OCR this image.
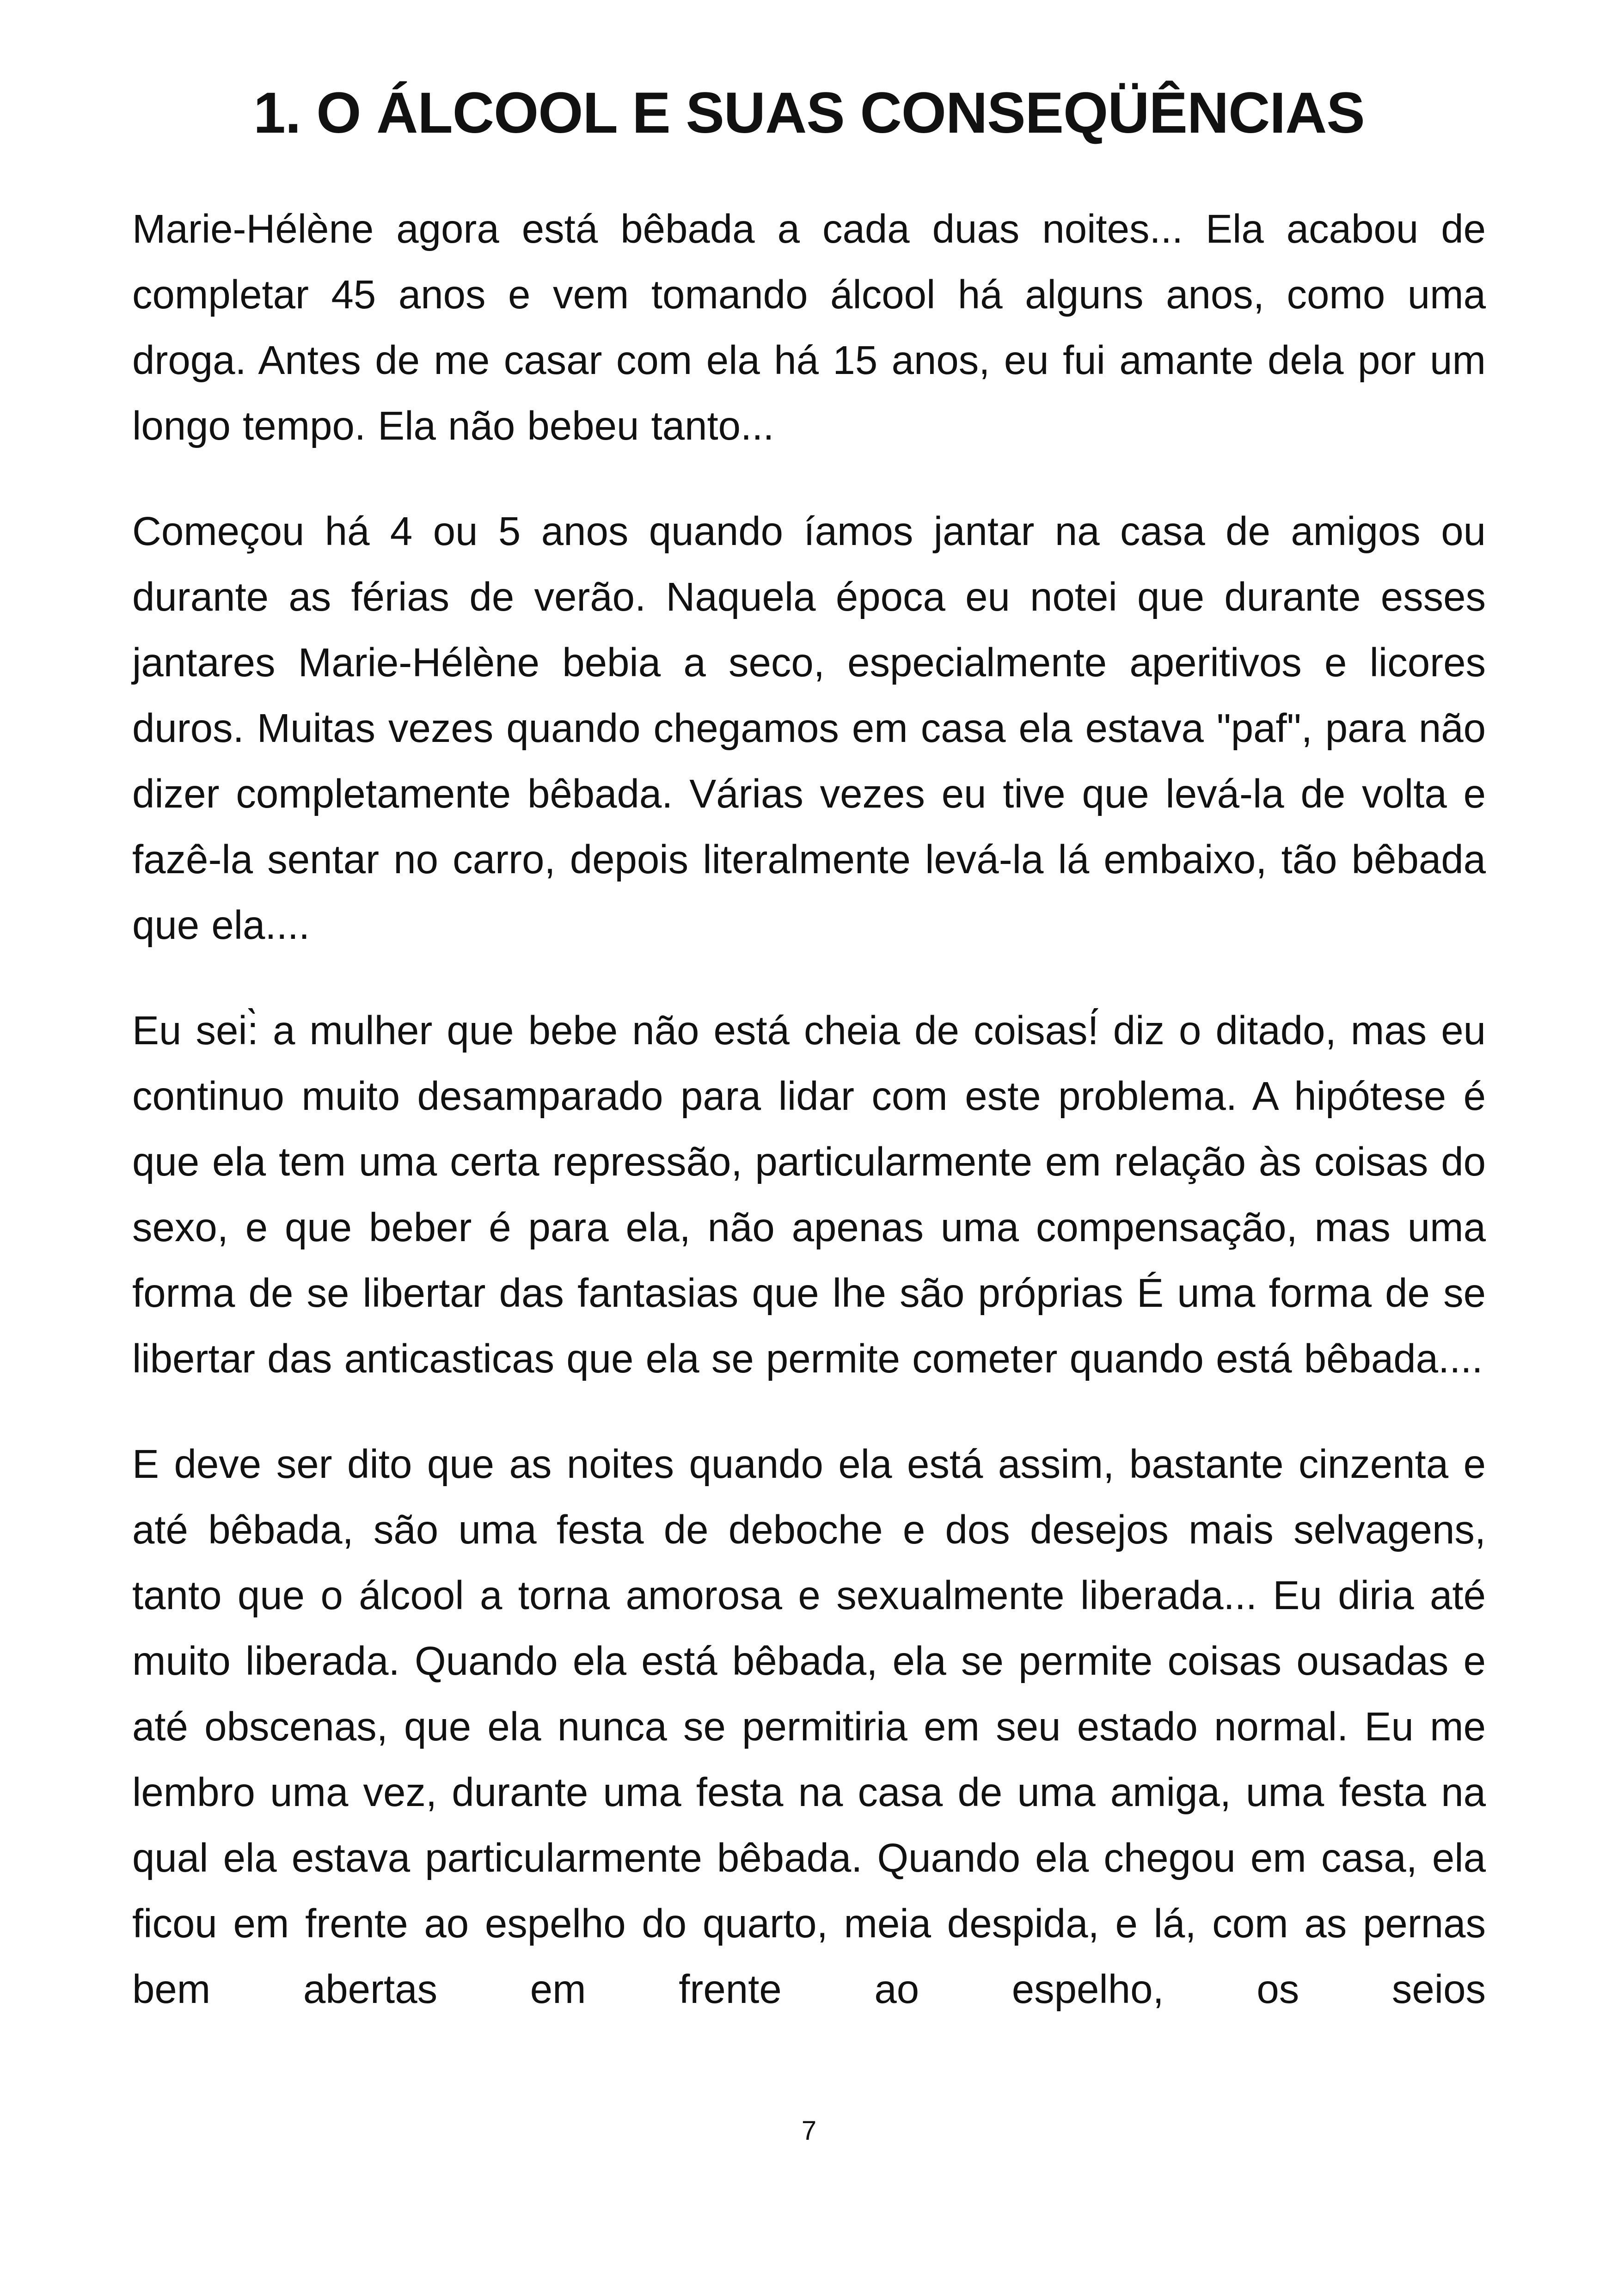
1. O ÁLCOOL E SUAS CONSEQÜÊNCIAS

Marie-Hélène agora está bêbada a cada duas noites... Ela acabou de completar 45 anos e vem tomando álcool há alguns anos, como uma droga. Antes de me casar com ela há 15 anos, eu fui amante dela por um longo tempo. Ela não bebeu tanto...

Começou há 4 ou 5 anos quando íamos jantar na casa de amigos ou durante as férias de verão. Naquela época eu notei que durante esses jantares Marie-Hélène bebia a seco, especialmente aperitivos e licores duros. Muitas vezes quando chegamos em casa ela estava "paf", para não dizer completamente bêbada. Várias vezes eu tive que levá-la de volta e fazê-la sentar no carro, depois literalmente levá-la lá embaixo, tão bêbada que ela....

Eu sei:̀ a mulher que bebe não está cheia de coisas!́ diz o ditado, mas eu continuo muito desamparado para lidar com este problema. A hipótese é que ela tem uma certa repressão, particularmente em relação às coisas do sexo, e que beber é para ela, não apenas uma compensação, mas uma forma de se libertar das fantasias que lhe são próprias É uma forma de se libertar das anticasticas que ela se permite cometer quando está bêbada....

E deve ser dito que as noites quando ela está assim, bastante cinzenta e até bêbada, são uma festa de deboche e dos desejos mais selvagens, tanto que o álcool a torna amorosa e sexualmente liberada... Eu diria até muito liberada. Quando ela está bêbada, ela se permite coisas ousadas e até obscenas, que ela nunca se permitiria em seu estado normal. Eu me lembro uma vez, durante uma festa na casa de uma amiga, uma festa na qual ela estava particularmente bêbada. Quando ela chegou em casa, ela ficou em frente ao espelho do quarto, meia despida, e lá, com as pernas bem abertas em frente ao espelho, os seios

7
